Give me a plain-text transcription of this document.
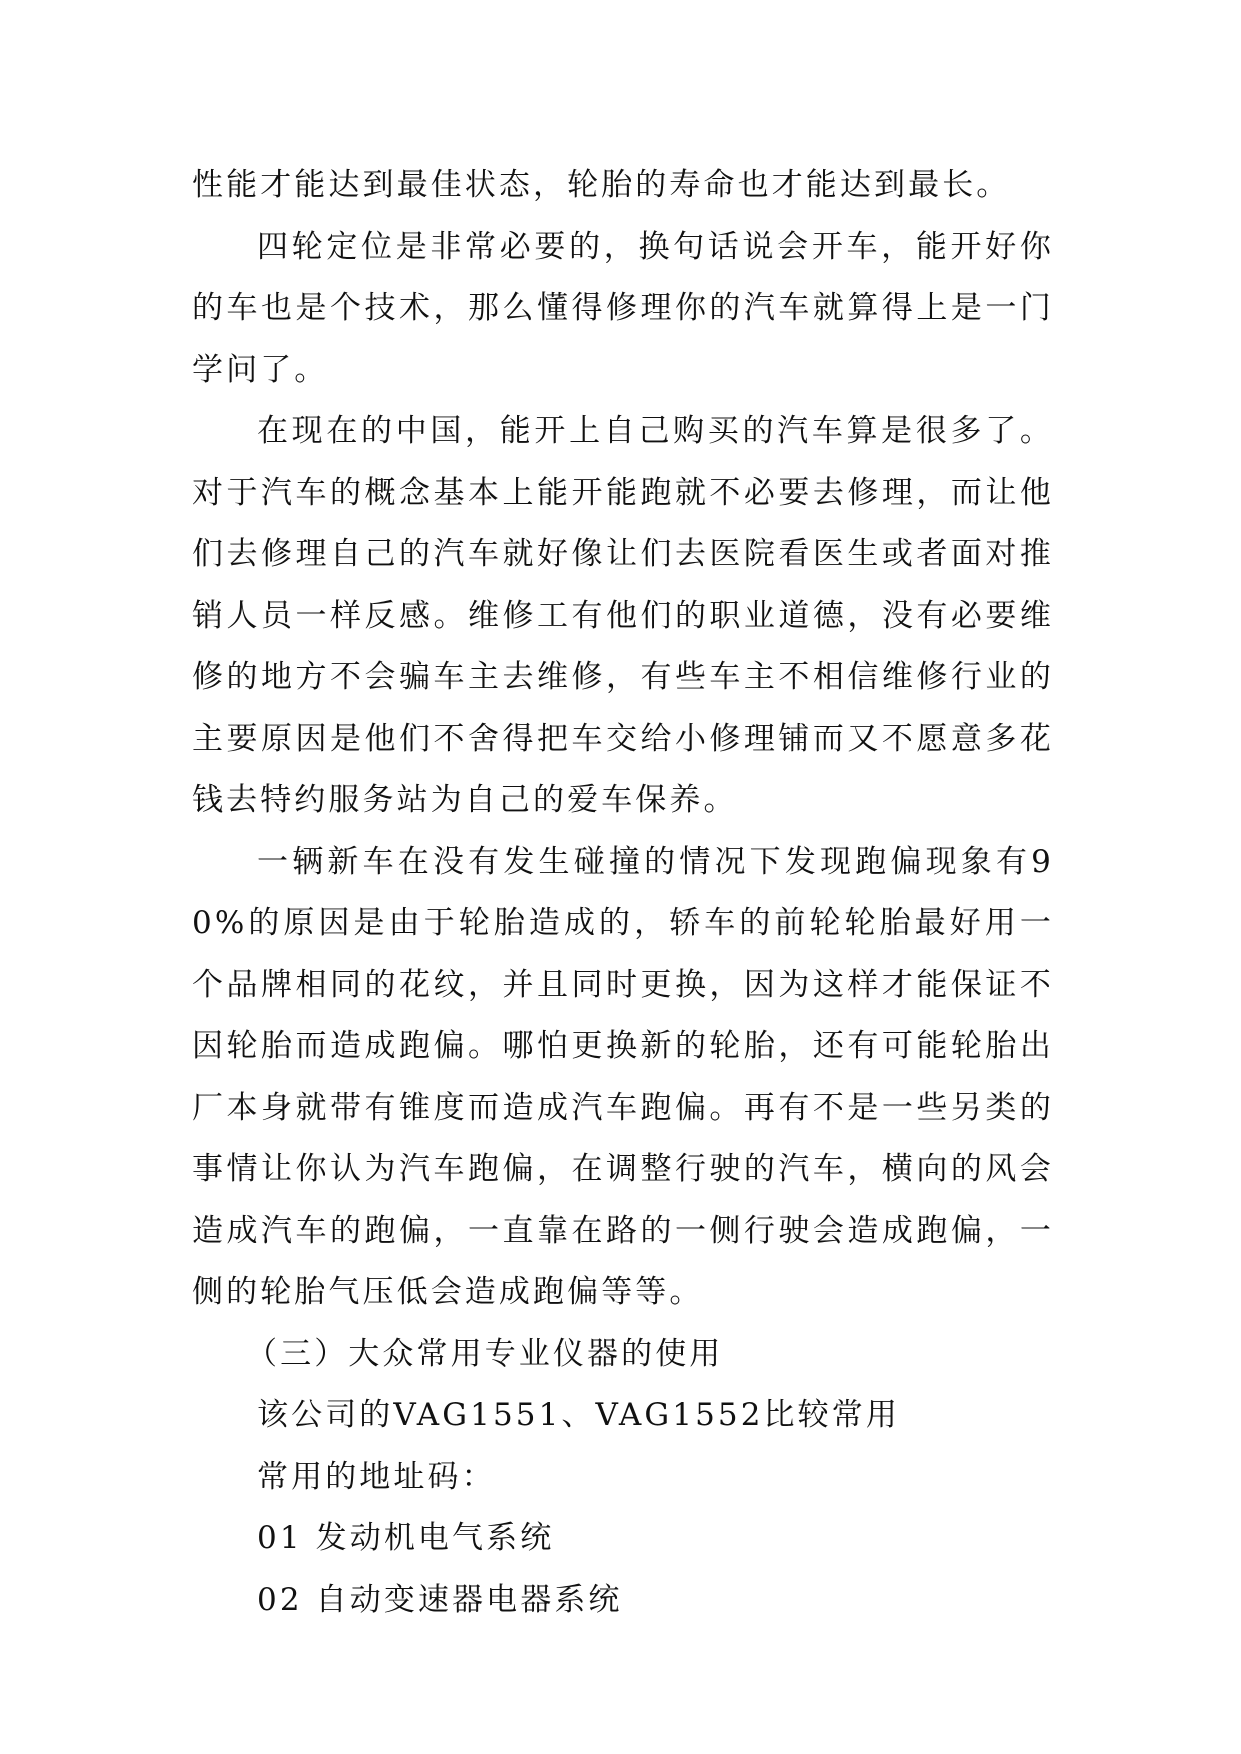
性能才能达到最佳状态，轮胎的寿命也才能达到最长。

四轮定位是非常必要的，换句话说会开车，能开好你的车也是个技术，那么懂得修理你的汽车就算得上是一门学问了。

在现在的中国，能开上自己购买的汽车算是很多了。对于汽车的概念基本上能开能跑就不必要去修理，而让他们去修理自己的汽车就好像让们去医院看医生或者面对推销人员一样反感。维修工有他们的职业道德，没有必要维修的地方不会骗车主去维修，有些车主不相信维修行业的主要原因是他们不舍得把车交给小修理铺而又不愿意多花钱去特约服务站为自己的爱车保养。

一辆新车在没有发生碰撞的情况下发现跑偏现象有90%的原因是由于轮胎造成的，轿车的前轮轮胎最好用一个品牌相同的花纹，并且同时更换，因为这样才能保证不因轮胎而造成跑偏。哪怕更换新的轮胎，还有可能轮胎出厂本身就带有锥度而造成汽车跑偏。再有不是一些另类的事情让你认为汽车跑偏，在调整行驶的汽车，横向的风会造成汽车的跑偏，一直靠在路的一侧行驶会造成跑偏，一侧的轮胎气压低会造成跑偏等等。

（三）大众常用专业仪器的使用

该公司的VAG1551、VAG1552比较常用

常用的地址码：

01 发动机电气系统

02 自动变速器电器系统
